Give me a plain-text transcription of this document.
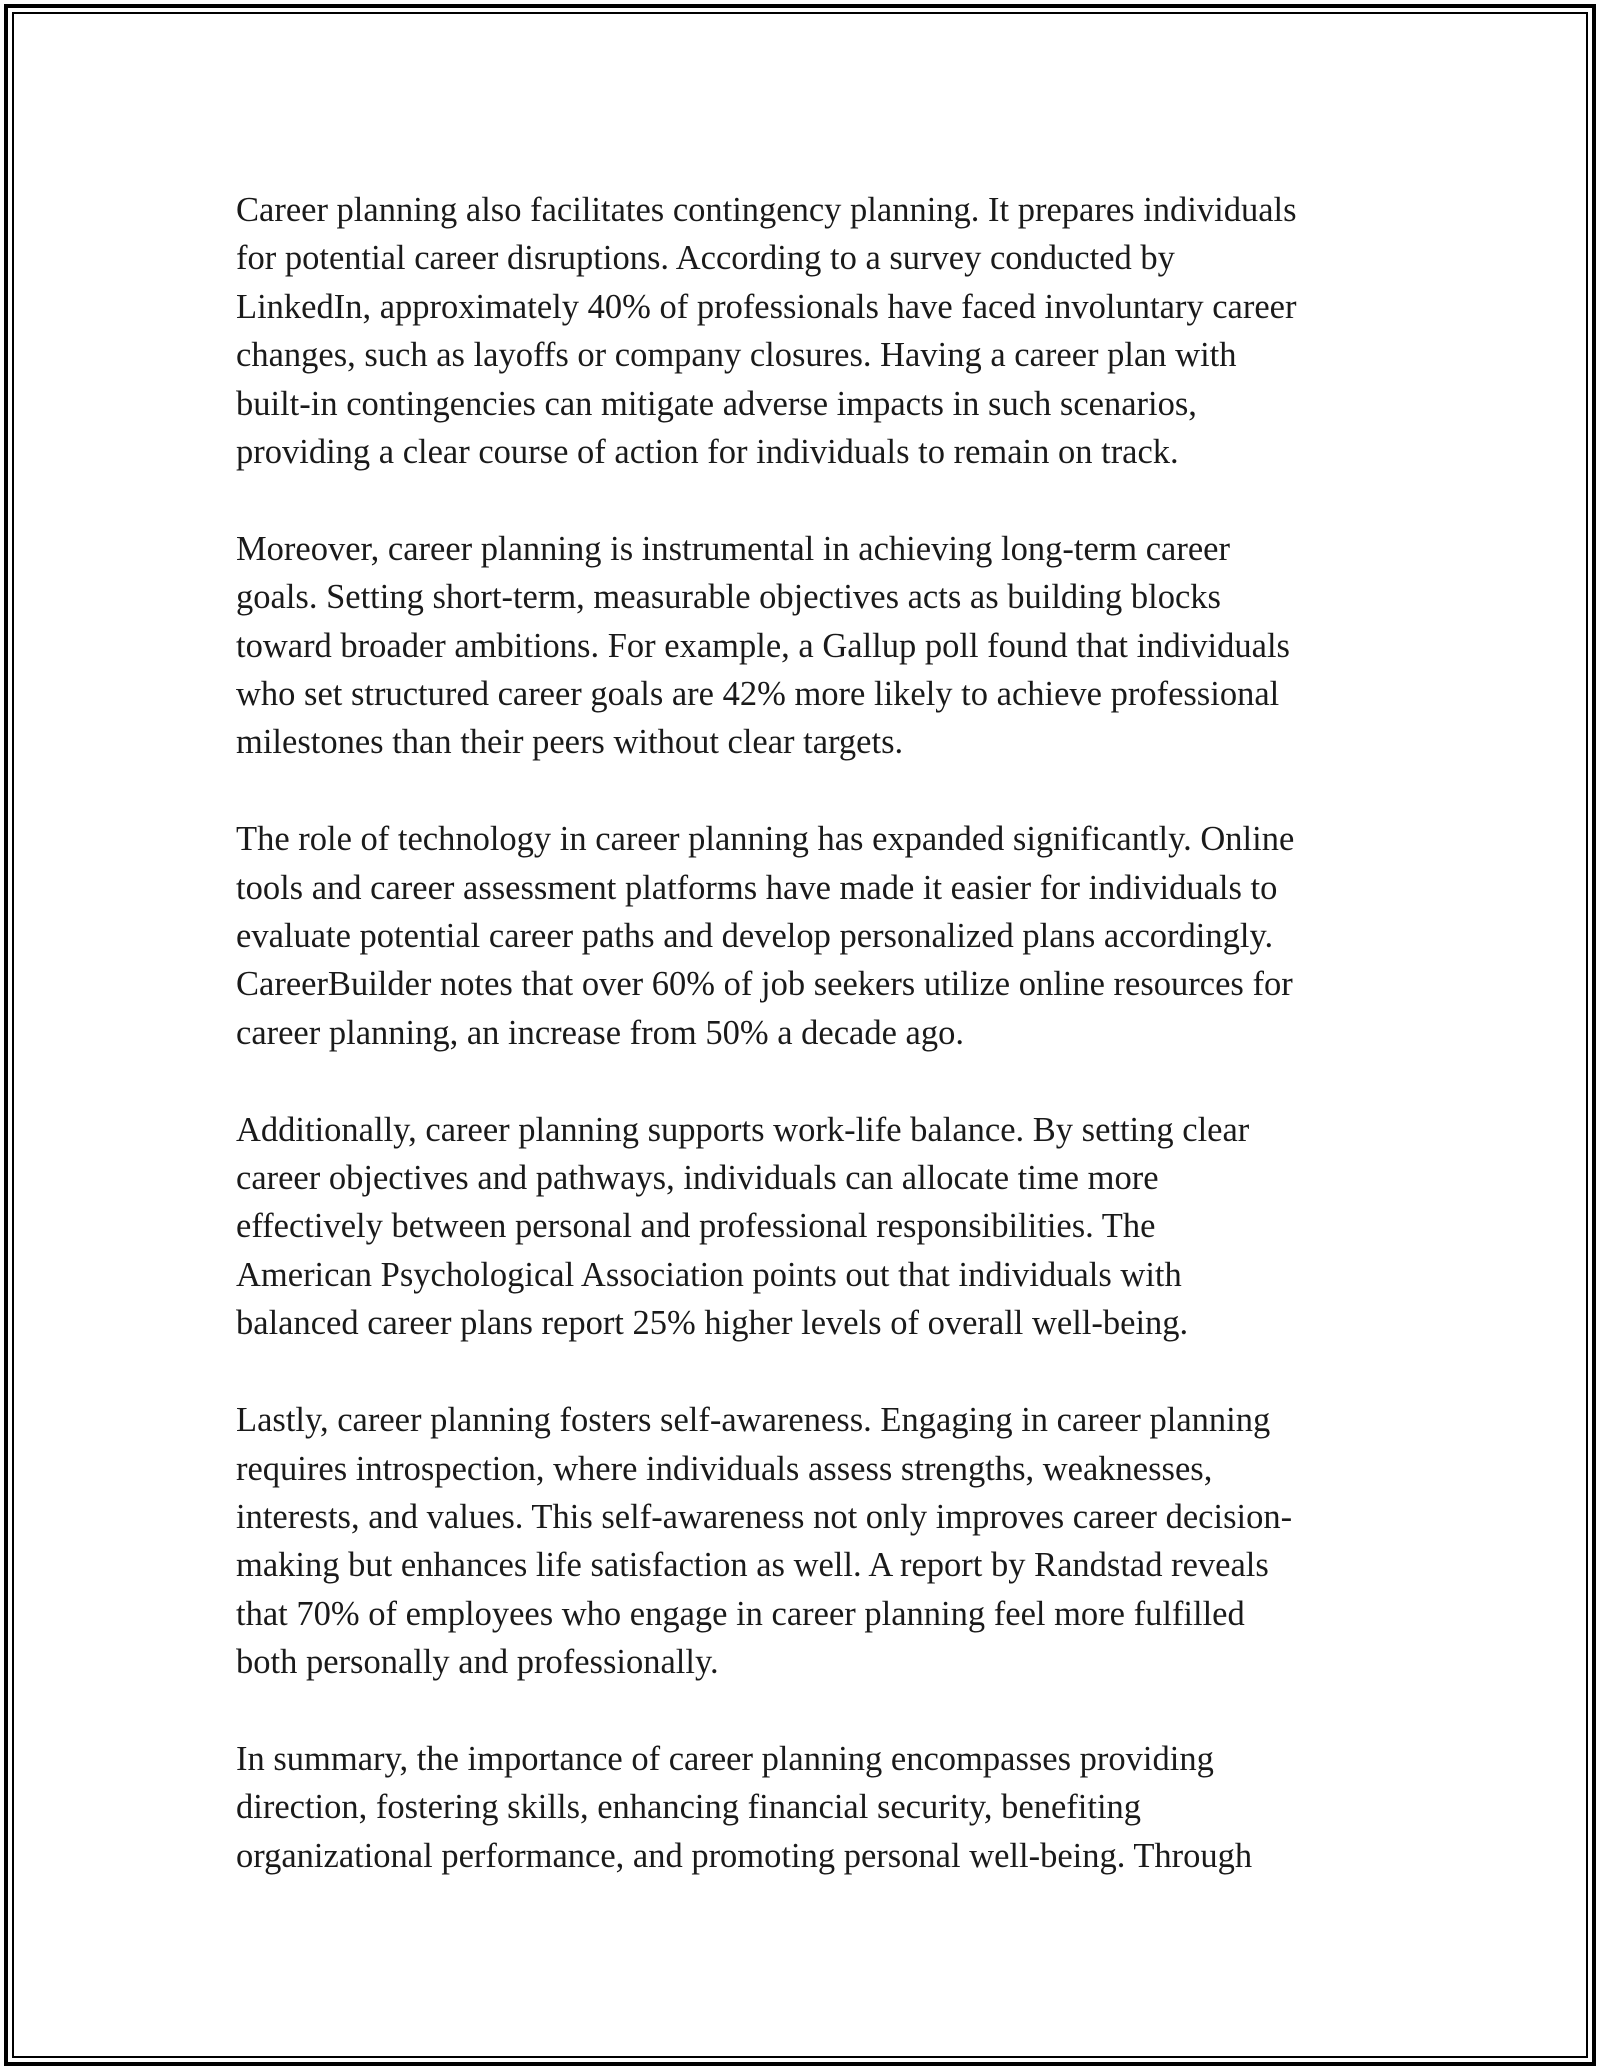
Career planning also facilitates contingency planning. It prepares individuals
for potential career disruptions. According to a survey conducted by
LinkedIn, approximately 40% of professionals have faced involuntary career
changes, such as layoffs or company closures. Having a career plan with
built-in contingencies can mitigate adverse impacts in such scenarios,
providing a clear course of action for individuals to remain on track.

Moreover, career planning is instrumental in achieving long-term career
goals. Setting short-term, measurable objectives acts as building blocks
toward broader ambitions. For example, a Gallup poll found that individuals
who set structured career goals are 42% more likely to achieve professional
milestones than their peers without clear targets.

The role of technology in career planning has expanded significantly. Online
tools and career assessment platforms have made it easier for individuals to
evaluate potential career paths and develop personalized plans accordingly.
CareerBuilder notes that over 60% of job seekers utilize online resources for
career planning, an increase from 50% a decade ago.

Additionally, career planning supports work-life balance. By setting clear
career objectives and pathways, individuals can allocate time more
effectively between personal and professional responsibilities. The
American Psychological Association points out that individuals with
balanced career plans report 25% higher levels of overall well-being.

Lastly, career planning fosters self-awareness. Engaging in career planning
requires introspection, where individuals assess strengths, weaknesses,
interests, and values. This self-awareness not only improves career decision-
making but enhances life satisfaction as well. A report by Randstad reveals
that 70% of employees who engage in career planning feel more fulfilled
both personally and professionally.

In summary, the importance of career planning encompasses providing
direction, fostering skills, enhancing financial security, benefiting
organizational performance, and promoting personal well-being. Through
